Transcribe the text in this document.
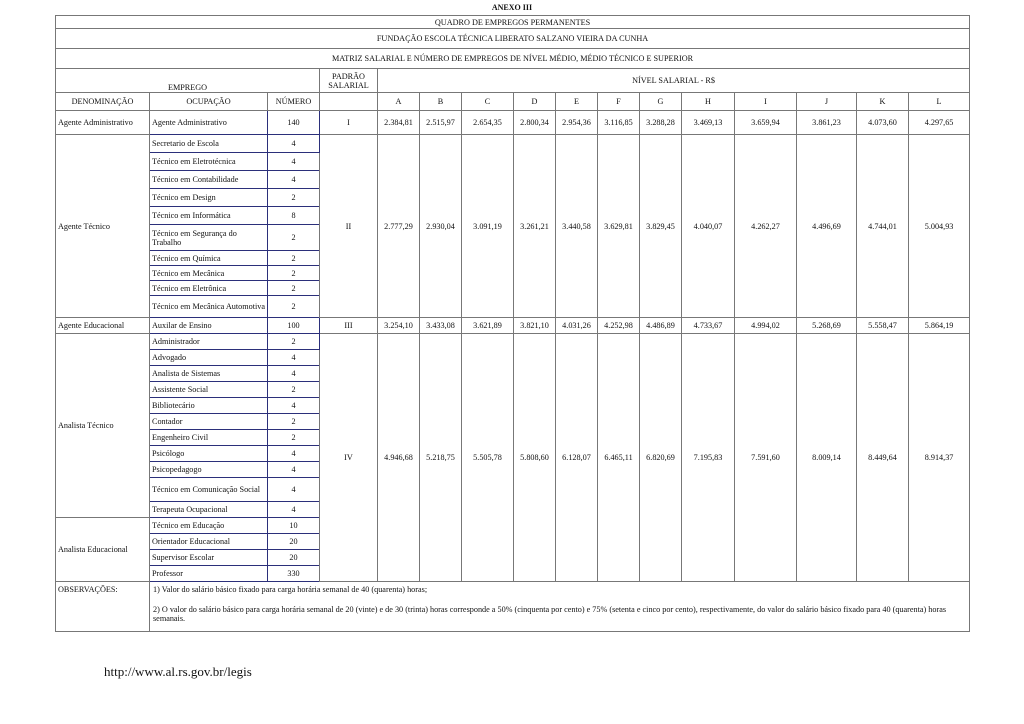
ANEXO III
QUADRO DE EMPREGOS PERMANENTES															
FUNDAÇÃO ESCOLA TÉCNICA LIBERATO SALZANO VIEIRA DA CUNHA															
MATRIZ SALARIAL E NÚMERO DE EMPREGOS DE NÍVEL MÉDIO, MÉDIO TÉCNICO E SUPERIOR															
EMPREGO			PADRÃO SALARIAL	NÍVEL SALARIAL - R$											
DENOMINAÇÃO	OCUPAÇÃO	NÚMERO		A	B	C	D	E	F	G	H	I	J	K	L
Agente Administrativo	Agente Administrativo	140	I	2.384,81	2.515,97	2.654,35	2.800,34	2.954,36	3.116,85	3.288,28	3.469,13	3.659,94	3.861,23	4.073,60	4.297,65
Agente Técnico	Secretario de Escola	4	II	2.777,29	2.930,04	3.091,19	3.261,21	3.440,58	3.629,81	3.829,45	4.040,07	4.262,27	4.496,69	4.744,01	5.004,93
	Técnico em Eletrotécnica	4													
	Técnico em Contabilidade	4													
	Técnico em Design	2													
	Técnico em Informática	8													
	Técnico em Segurança do Trabalho	2													
	Técnico em Química	2													
	Técnico em Mecânica	2													
	Técnico em Eletrônica	2													
	Técnico em Mecânica Automotiva	2													
Agente Educacional	Auxilar de Ensino	100	III	3.254,10	3.433,08	3.621,89	3.821,10	4.031,26	4.252,98	4.486,89	4.733,67	4.994,02	5.268,69	5.558,47	5.864,19
Analista Técnico	Administrador	2	IV	4.946,68	5.218,75	5.505,78	5.808,60	6.128,07	6.465,11	6.820,69	7.195,83	7.591,60	8.009,14	8.449,64	8.914,37
	Advogado	4													
	Analista de Sistemas	4													
	Assistente Social	2													
	Bibliotecário	4													
	Contador	2													
	Engenheiro Civil	2													
	Psicólogo	4													
	Psicopedagogo	4													
	Técnico em Comunicação Social	4													
	Terapeuta Ocupacional	4													
Analista Educacional	Técnico em Educação	10													
	Orientador Educacional	20													
	Supervisor Escolar	20													
	Professor	330													
OBSERVAÇÕES:	1) Valor do salário básico fixado para carga horária semanal de 40 (quarenta) horas;														
	2) O valor do salário básico para carga horária semanal de 20 (vinte) e de 30 (trinta) horas corresponde a 50% (cinquenta por cento) e 75% (setenta e cinco por cento), respectivamente, do valor do salário básico fixado para 40 (quarenta) horas semanais.														
http://www.al.rs.gov.br/legis
